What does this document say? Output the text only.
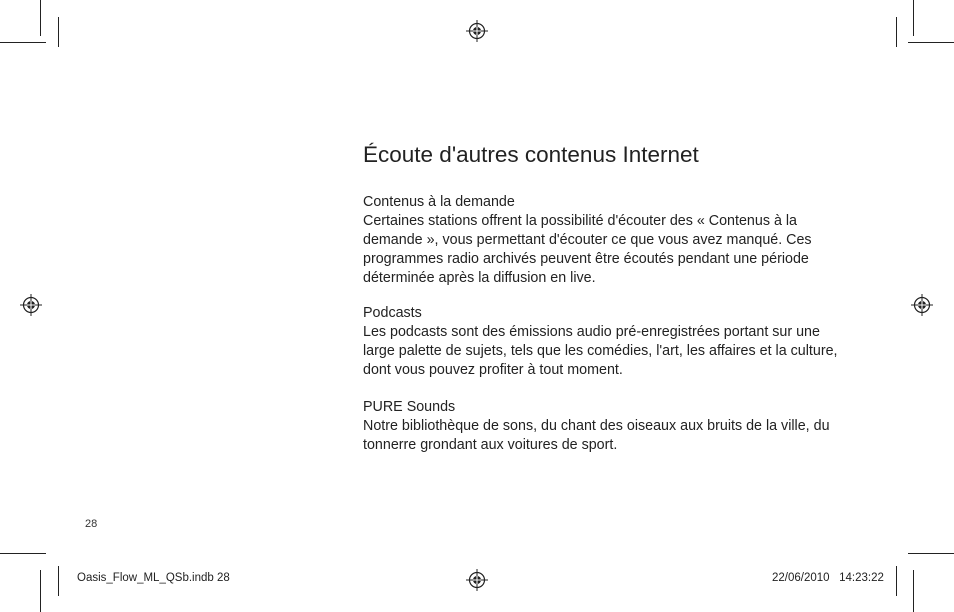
Écoute d'autres contenus Internet
Contenus à la demande
Certaines stations offrent la possibilité d'écouter des « Contenus à la demande », vous permettant d'écouter ce que vous avez manqué. Ces programmes radio archivés peuvent être écoutés pendant une période déterminée après la diffusion en live.
Podcasts
Les podcasts sont des émissions audio pré-enregistrées portant sur une large palette de sujets, tels que les comédies, l'art, les affaires et la culture, dont vous pouvez profiter à tout moment.
PURE Sounds
Notre bibliothèque de sons, du chant des oiseaux aux bruits de la ville, du tonnerre grondant aux voitures de sport.
28
Oasis_Flow_ML_QSb.indb 28	22/06/2010   14:23:22
